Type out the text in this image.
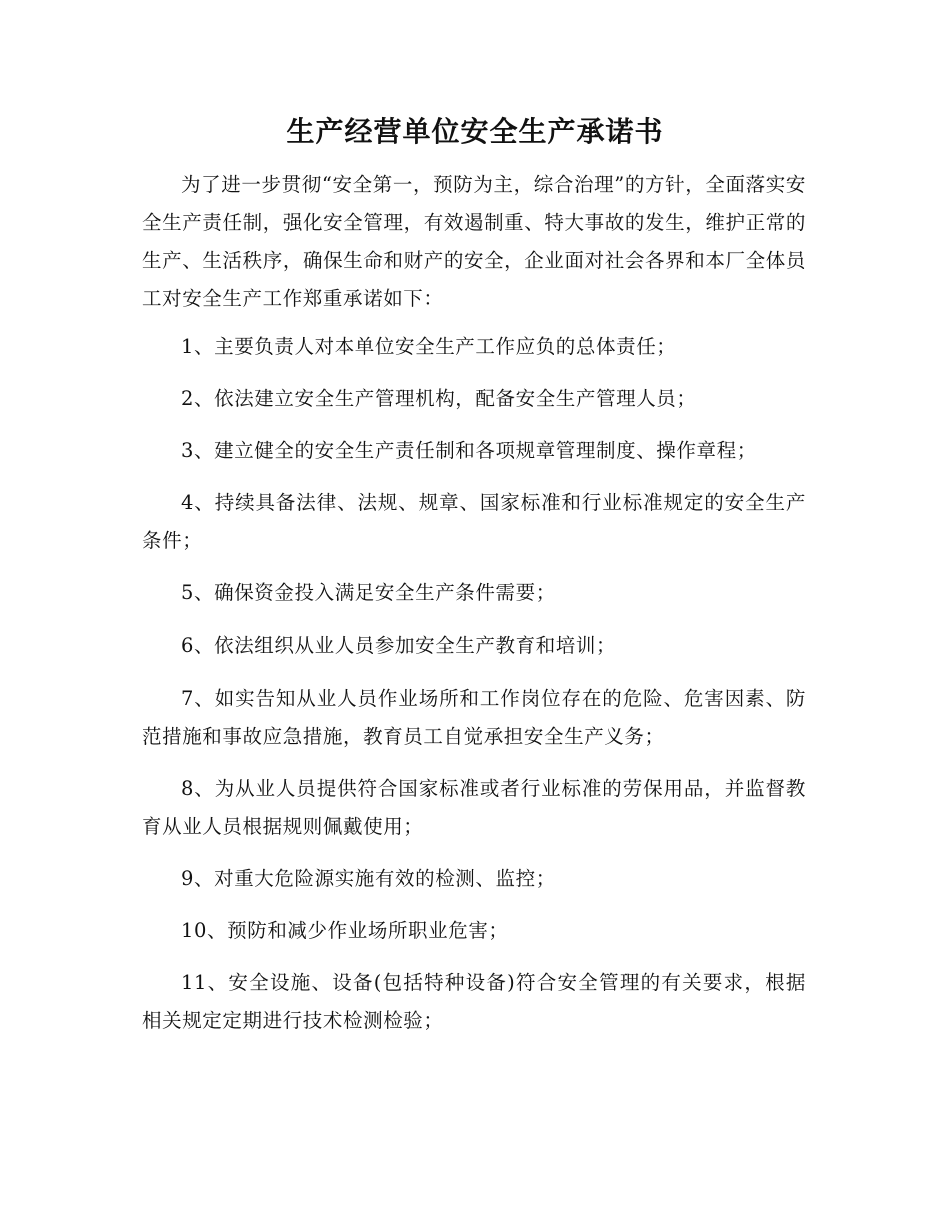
生产经营单位安全生产承诺书

为了进一步贯彻“安全第一，预防为主，综合治理”的方针，全面落实安全生产责任制，强化安全管理，有效遏制重、特大事故的发生，维护正常的生产、生活秩序，确保生命和财产的安全，企业面对社会各界和本厂全体员工对安全生产工作郑重承诺如下：

1、主要负责人对本单位安全生产工作应负的总体责任；

2、依法建立安全生产管理机构，配备安全生产管理人员；

3、建立健全的安全生产责任制和各项规章管理制度、操作章程；

4、持续具备法律、法规、规章、国家标准和行业标准规定的安全生产条件；

5、确保资金投入满足安全生产条件需要；

6、依法组织从业人员参加安全生产教育和培训；

7、如实告知从业人员作业场所和工作岗位存在的危险、危害因素、防范措施和事故应急措施，教育员工自觉承担安全生产义务；

8、为从业人员提供符合国家标准或者行业标准的劳保用品，并监督教育从业人员根据规则佩戴使用；

9、对重大危险源实施有效的检测、监控；

10、预防和减少作业场所职业危害；

11、安全设施、设备(包括特种设备)符合安全管理的有关要求，根据相关规定定期进行技术检测检验；
